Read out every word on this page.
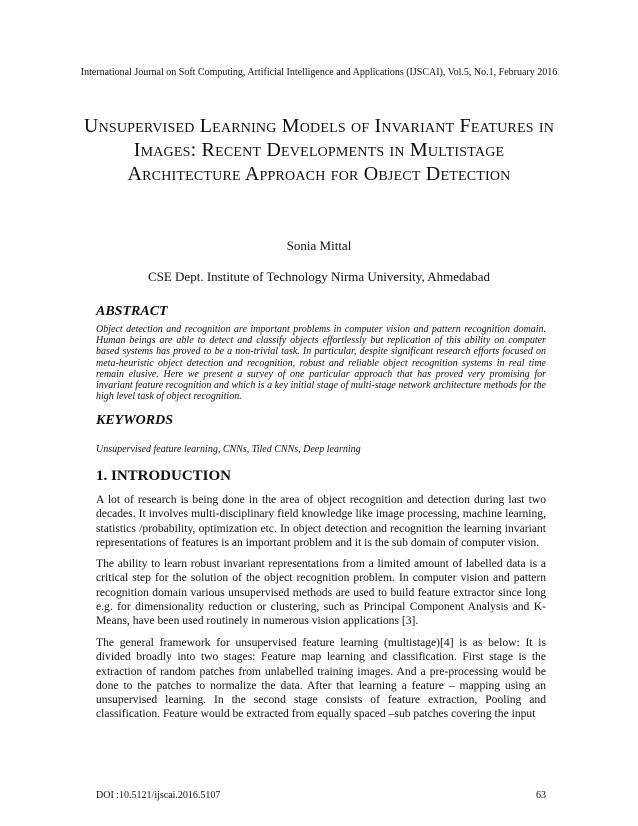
International Journal on Soft Computing, Artificial Intelligence and Applications (IJSCAI), Vol.5, No.1, February 2016
Unsupervised Learning Models of Invariant Features in Images: Recent Developments in Multistage Architecture Approach for Object Detection
Sonia Mittal
CSE Dept. Institute of Technology Nirma University, Ahmedabad
ABSTRACT

Object detection and recognition are important problems in computer vision and pattern recognition domain. Human beings are able to detect and classify objects effortlessly but replication of this ability on computer based systems has proved to be a non-trivial task. In particular, despite significant research efforts focused on meta-heuristic object detection and recognition, robust and reliable object recognition systems in real time remain elusive. Here we present a survey of one particular approach that has proved very promising for invariant feature recognition and which is a key initial stage of multi-stage network architecture methods for the high level task of object recognition.

KEYWORDS

Unsupervised feature learning, CNNs, Tiled CNNs, Deep learning

1. INTRODUCTION

A lot of research is being done in the area of object recognition and detection during last two decades. It involves multi-disciplinary field knowledge like image processing, machine learning, statistics /probability, optimization etc. In object detection and recognition the learning invariant representations of features is an important problem and it is the sub domain of computer vision.

The ability to learn robust invariant representations from a limited amount of labelled data is a critical step for the solution of the object recognition problem. In computer vision and pattern recognition domain various unsupervised methods are used to build feature extractor since long e.g. for dimensionality reduction or clustering, such as Principal Component Analysis and K-Means, have been used routinely in numerous vision applications [3].

The general framework for unsupervised feature learning (multistage)[4] is as below: It is divided broadly into two stages: Feature map learning and classification. First stage is the extraction of random patches from unlabelled training images. And a pre-processing would be done to the patches to normalize the data. After that learning a feature – mapping using an unsupervised learning. In the second stage consists of feature extraction, Pooling and classification. Feature would be extracted from equally spaced –sub patches covering the input

DOI :10.5121/ijscai.2016.5107	63
